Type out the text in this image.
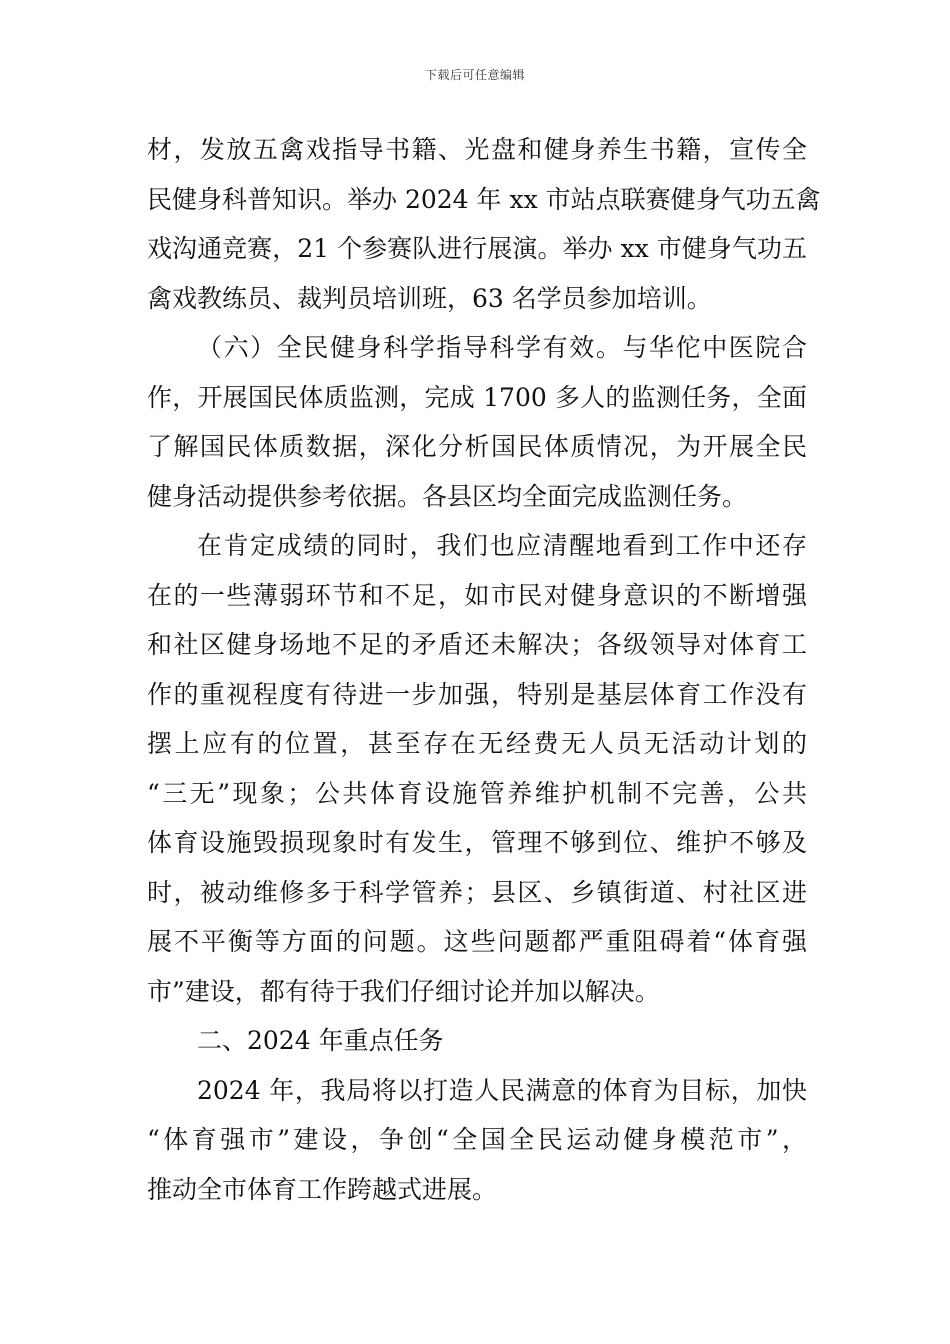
下载后可任意编辑
材，发放五禽戏指导书籍、光盘和健身养生书籍，宣传全
民健身科普知识。举办 2024 年 xx 市站点联赛健身气功五禽
戏沟通竞赛，21 个参赛队进行展演。举办 xx 市健身气功五
禽戏教练员、裁判员培训班，63 名学员参加培训。
（六）全民健身科学指导科学有效。与华佗中医院合
作，开展国民体质监测，完成 1700 多人的监测任务，全面
了解国民体质数据，深化分析国民体质情况，为开展全民
健身活动提供参考依据。各县区均全面完成监测任务。
在肯定成绩的同时，我们也应清醒地看到工作中还存
在的一些薄弱环节和不足，如市民对健身意识的不断增强
和社区健身场地不足的矛盾还未解决；各级领导对体育工
作的重视程度有待进一步加强，特别是基层体育工作没有
摆上应有的位置，甚至存在无经费无人员无活动计划的
“三无”现象；公共体育设施管养维护机制不完善，公共
体育设施毁损现象时有发生，管理不够到位、维护不够及
时，被动维修多于科学管养；县区、乡镇街道、村社区进
展不平衡等方面的问题。这些问题都严重阻碍着“体育强
市”建设，都有待于我们仔细讨论并加以解决。
二、2024 年重点任务
2024 年，我局将以打造人民满意的体育为目标，加快
“体育强市”建设，争创“全国全民运动健身模范市”，
推动全市体育工作跨越式进展。
